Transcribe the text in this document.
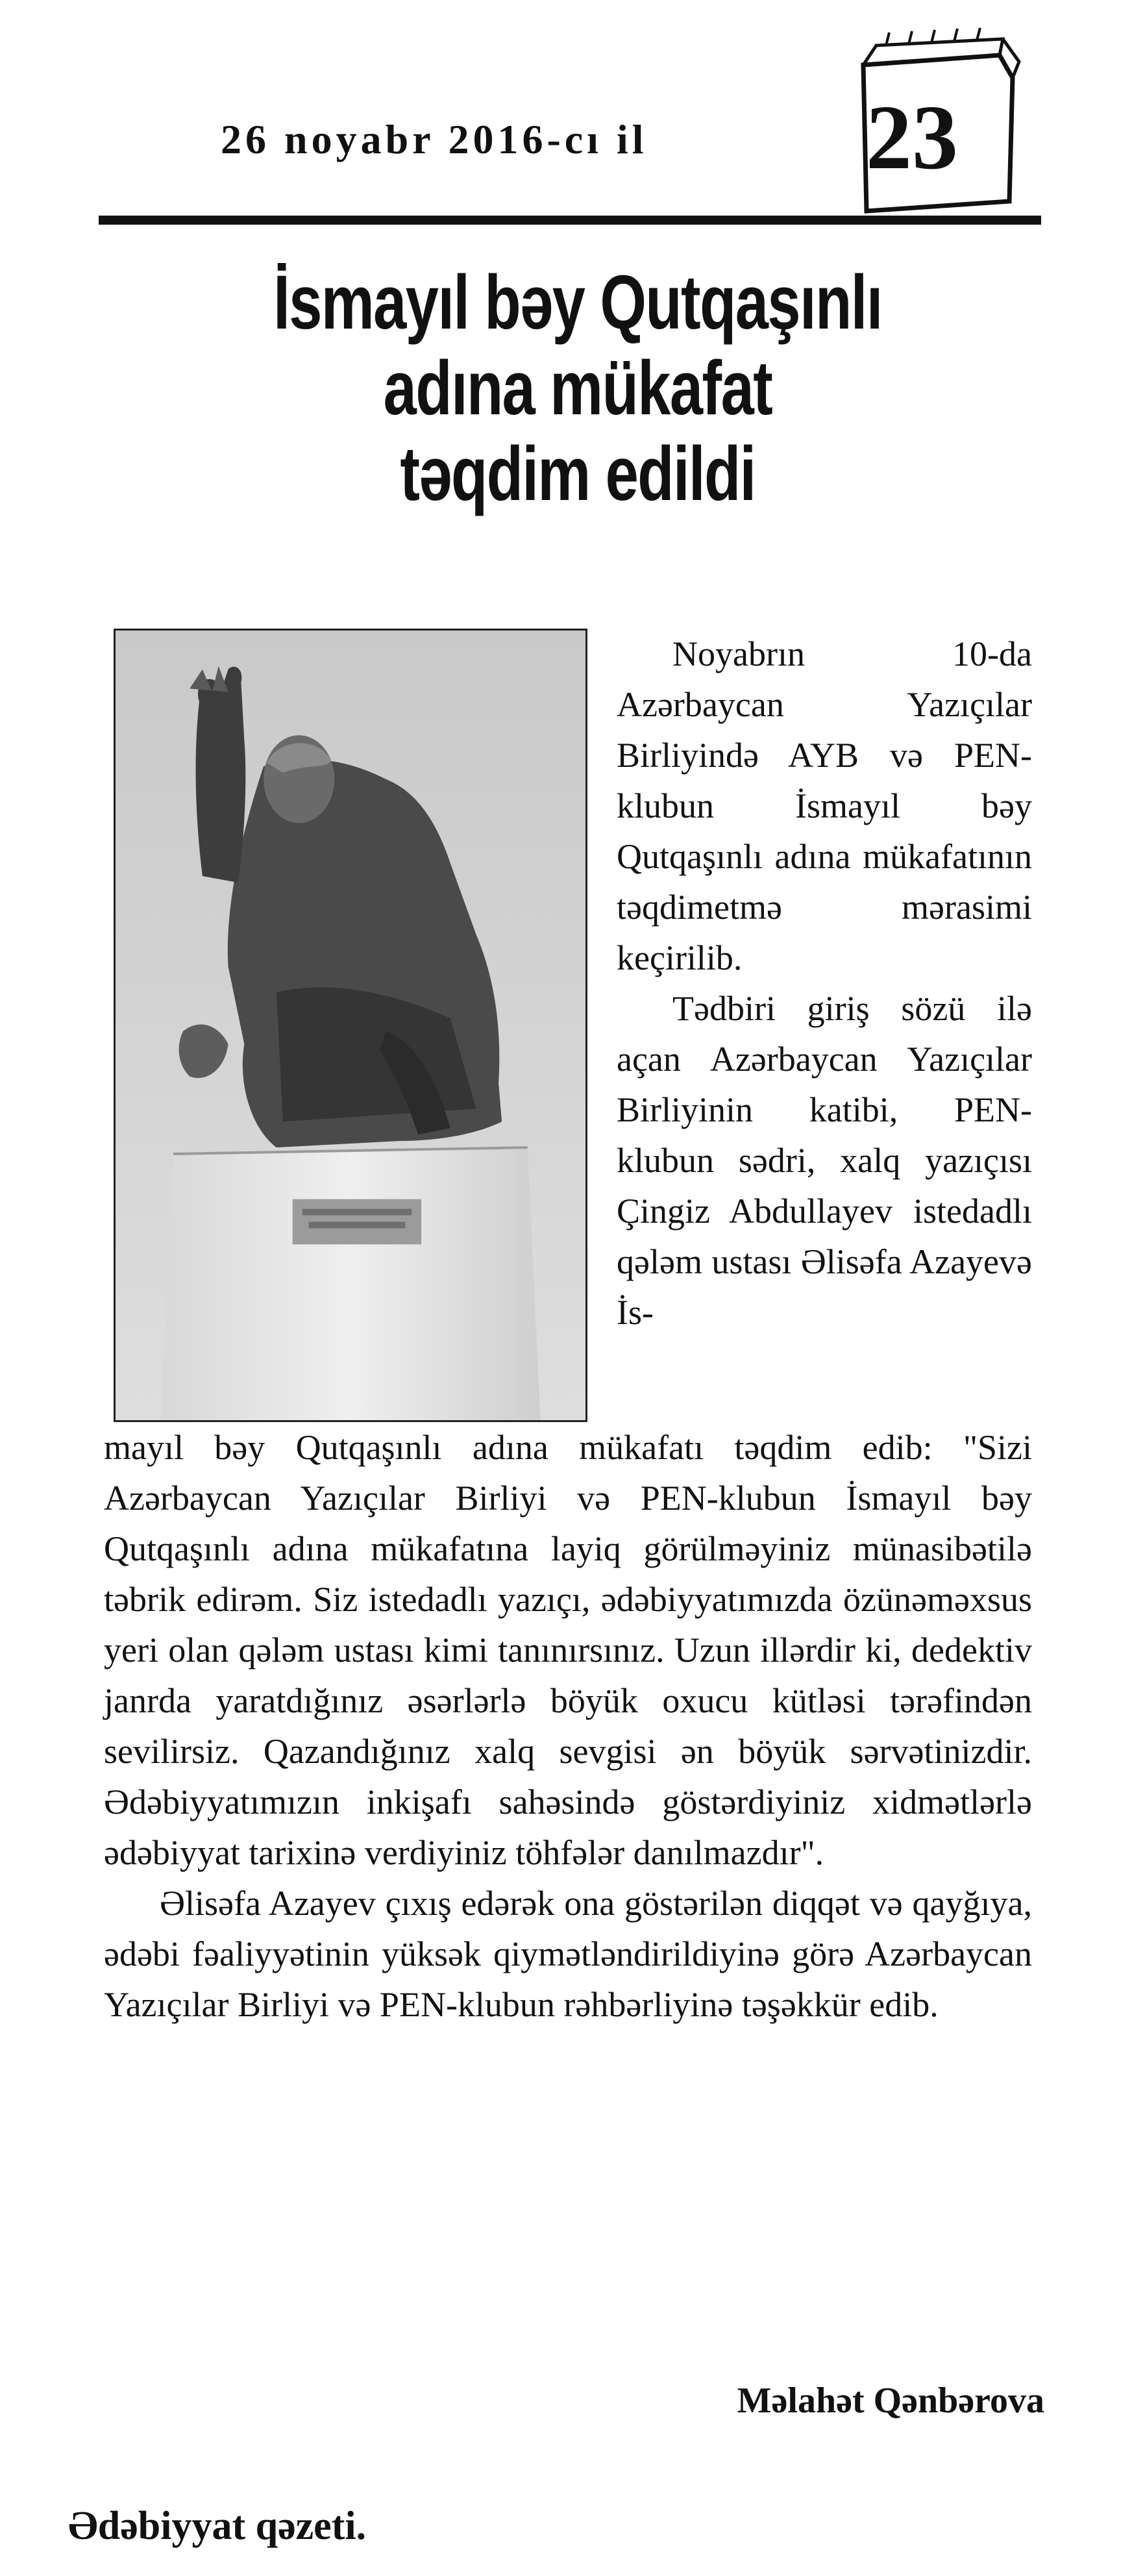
26 noyabr 2016-cı il 23
İsmayıl bəy Qutqaşınlı
adına mükafat
təqdim edildi

Noyabrın 10-da Azərbaycan Yazıçılar Birliyində AYB və PEN-klubun İsmayıl bəy Qutqaşınlı adına mükafatının təqdimetmə mərasimi keçirilib.

Tədbiri giriş sözü ilə açan Azərbaycan Yazıçılar Birliyinin katibi, PEN-klubun sədri, xalq yazıçısı Çingiz Abdullayev istedadlı qələm ustası Əlisəfa Azayevə İs-

mayıl bəy Qutqaşınlı adına mükafatı təqdim edib: "Sizi Azərbaycan Yazıçılar Birliyi və PEN-klubun İsmayıl bəy Qutqaşınlı adına mükafatına layiq görülməyiniz münasibətilə təbrik edirəm. Siz istedadlı yazıçı, ədəbiyyatımızda özünəməxsus yeri olan qələm ustası kimi tanınırsınız. Uzun illərdir ki, dedektiv janrda yaratdığınız əsərlərlə böyük oxucu kütləsi tərəfindən sevilirsiz. Qazandığınız xalq sevgisi ən böyük sərvətinizdir. Ədəbiyyatımızın inkişafı sahəsində göstərdiyiniz xidmətlərlə ədəbiyyat tarixinə verdiyiniz töhfələr danılmazdır".

Əlisəfa Azayev çıxış edərək ona göstərilən diqqət və qayğıya, ədəbi fəaliyyətinin yüksək qiymətləndirildiyinə görə Azərbaycan Yazıçılar Birliyi və PEN-klubun rəhbərliyinə təşəkkür edib.

Məlahət Qənbərova
Ədəbiyyat qəzeti.
